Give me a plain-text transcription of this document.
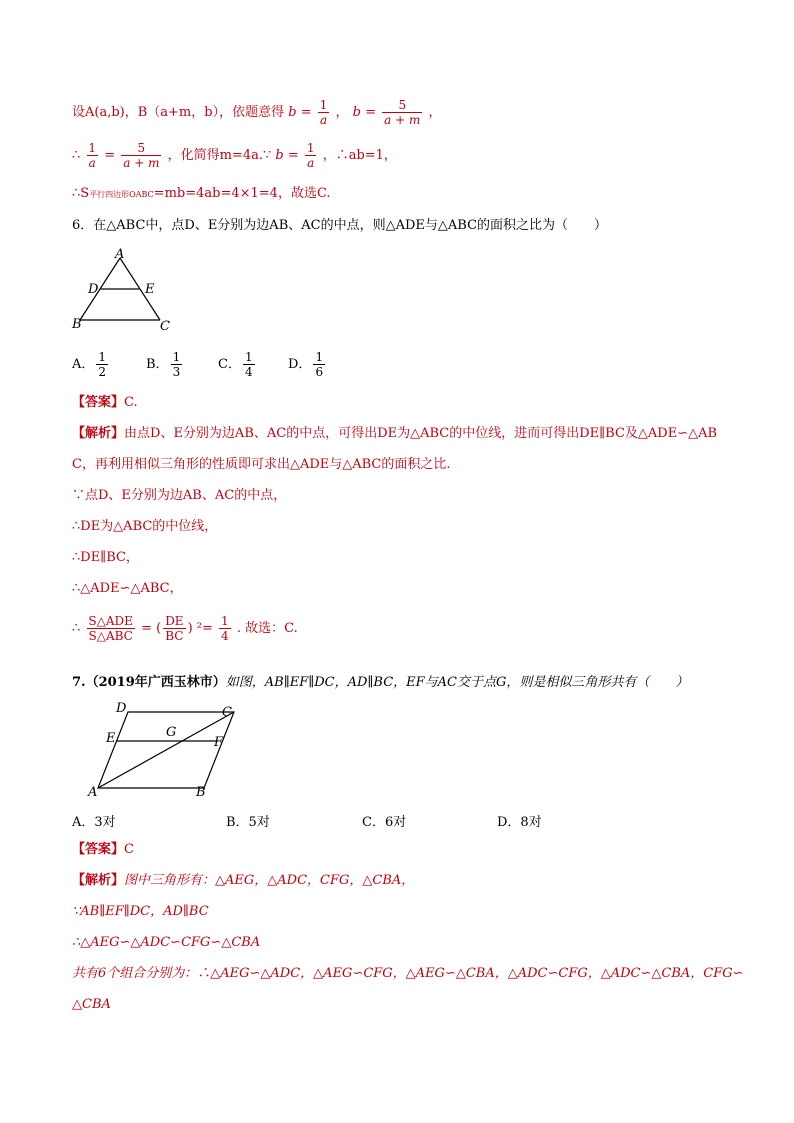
设A(a,b)，B（a+m，b），依题意得 $b = \frac{1}{a}$ ， $b = \frac{5}{a + m}$ ，
∴ $\frac{1}{a} = \frac{5}{a + m}$ ，化简得m=4a.∵ $b = \frac{1}{a}$ ，∴ab=1，
∴S平行四边形OABC=mb=4ab=4×1=4，故选C.
6．在△ABC中，点D、E分别为边AB、AC的中点，则△ADE与△ABC的面积之比为（　　）
A
D	E
B	C
A． $\frac{1}{2}$	B． $\frac{1}{3}$	C． $\frac{1}{4}$	D． $\frac{1}{6}$
【答案】C.
【解析】由点D、E分别为边AB、AC的中点，可得出DE为△ABC的中位线，进而可得出DE∥BC及△ADE∽△AB
C，再利用相似三角形的性质即可求出△ADE与△ABC的面积之比.
∵点D、E分别为边AB、AC的中点，
∴DE为△ABC的中位线，
∴DE∥BC，
∴△ADE∽△ABC，
∴ $\frac{\text{S△ADE}}{\text{S△ABC}}$ = ( $\frac{DE}{BC}$ ) $^2= \frac{1}{4}$ . 故选：C.
7.（2019年广西玉林市）如图，AB∥EF∥DC，AD∥BC，EF与AC交于点G，则是相似三角形共有（　　）
D	C
E	G
F
A	B
A．3对	B．5对	C．6对	D．8对
【答案】C
【解析】图中三角形有：△AEG，△ADC，CFG，△CBA，
∵AB∥EF∥DC，AD∥BC
∴△AEG∽△ADC∽CFG∽△CBA
共有6个组合分别为：∴△AEG∽△ADC，△AEG∽CFG，△AEG∽△CBA，△ADC∽CFG，△ADC∽△CBA，CFG∽
△CBA
